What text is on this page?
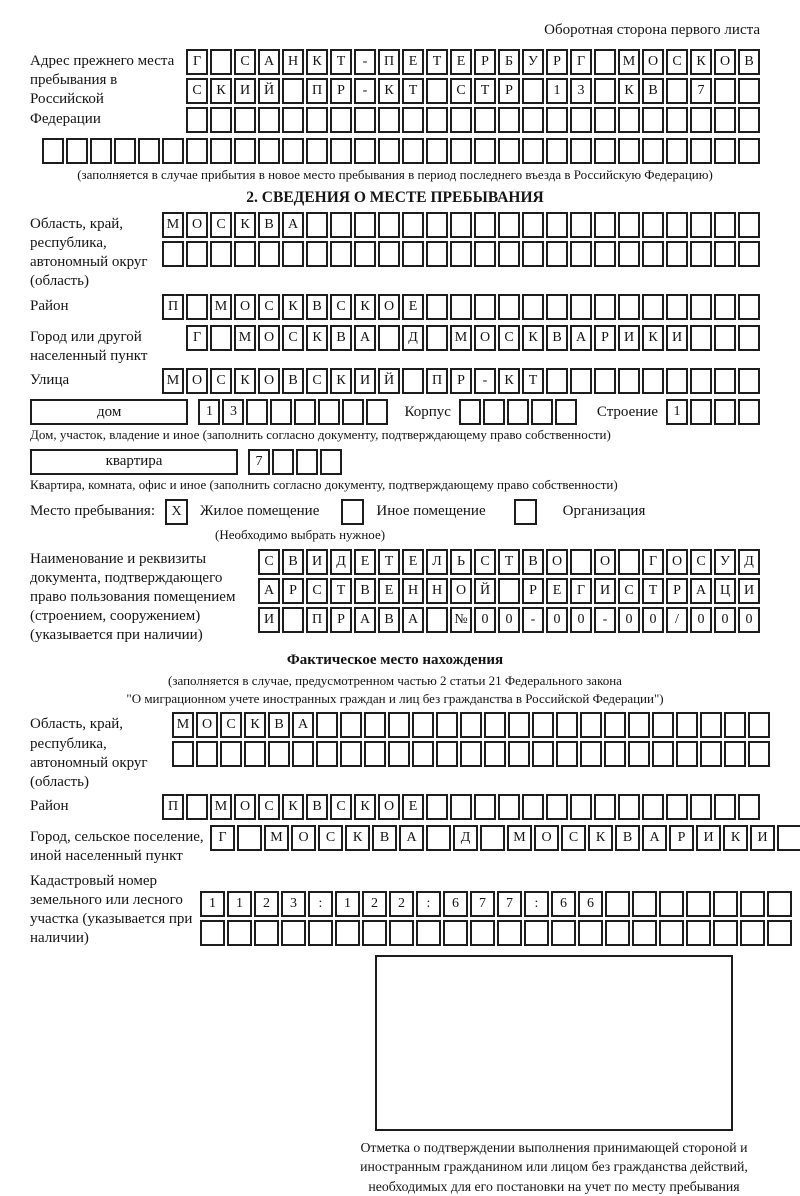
Оборотная сторона первого листа
Адрес прежнего места пребывания в Российской Федерации
Г	С	А Н	К	Т	-	П	Е	Т	Е	Р	Б	У	Р	Г	М О	С	К	О	В
С	К	И Й	П	Р	-	К	Т	С	Т	Р	1	3	К	В	7
(заполняется в случае прибытия в новое место пребывания в период последнего въезда в Российскую Федерацию)
2. СВЕДЕНИЯ О МЕСТЕ ПРЕБЫВАНИЯ
Область, край, республика, автономный округ (область)
М О	С	К	В	А
Район	П	М О	С	К	В	С	К	О	Е
Город или другой населенный пункт
Г	М О	С	К	В	А	Д	М О	С	К	В	А	Р	И	К	И
Улица	М О	С	К	О	В	С	К	И Й	П	Р	-	К	Т
дом	1	3	Корпус	Строение	1
Дом, участок, владение и иное (заполнить согласно документу, подтверждающему право собственности)
квартира	7
Квартира, комната, офис и иное (заполнить согласно документу, подтверждающему право собственности)
Место пребывания:	X	Жилое помещение	Иное помещение	Организация
(Необходимо выбрать нужное)
Наименование и реквизиты документа, подтверждающего право пользования помещением (строением, сооружением) (указывается при наличии)
С	В	И	Д	Е	Т	Е	Л	Ь	С	Т	В	О	О	Г	О	С	У	Д
А	Р	С	Т	В	Е	Н Н О Й	Р	Е	Г	И	С	Т	Р	А Ц И
И	П	Р	А	В	А	№ 0	0	-	0	0	-	0	0	/	0	0	0
Фактическое место нахождения
(заполняется в случае, предусмотренном частью 2 статьи 21 Федерального закона
"О миграционном учете иностранных граждан и лиц без гражданства в Российской Федерации")
Область, край, республика, автономный округ (область)
М О	С	К	В	А
Район	П	М О	С	К	В	С	К	О	Е
Город, сельское поселение, иной населенный пункт
Г	М	О	С	К	В	А	Д	М	О	С	К	В	А	Р	И	К	И
Кадастровый номер земельного или лесного участка (указывается при наличии)
1	1	2	3	:	1	2	2	:	6	7	7	:	6	6
Отметка о подтверждении выполнения принимающей стороной и иностранным гражданином или лицом без гражданства действий, необходимых для его постановки на учет по месту пребывания
